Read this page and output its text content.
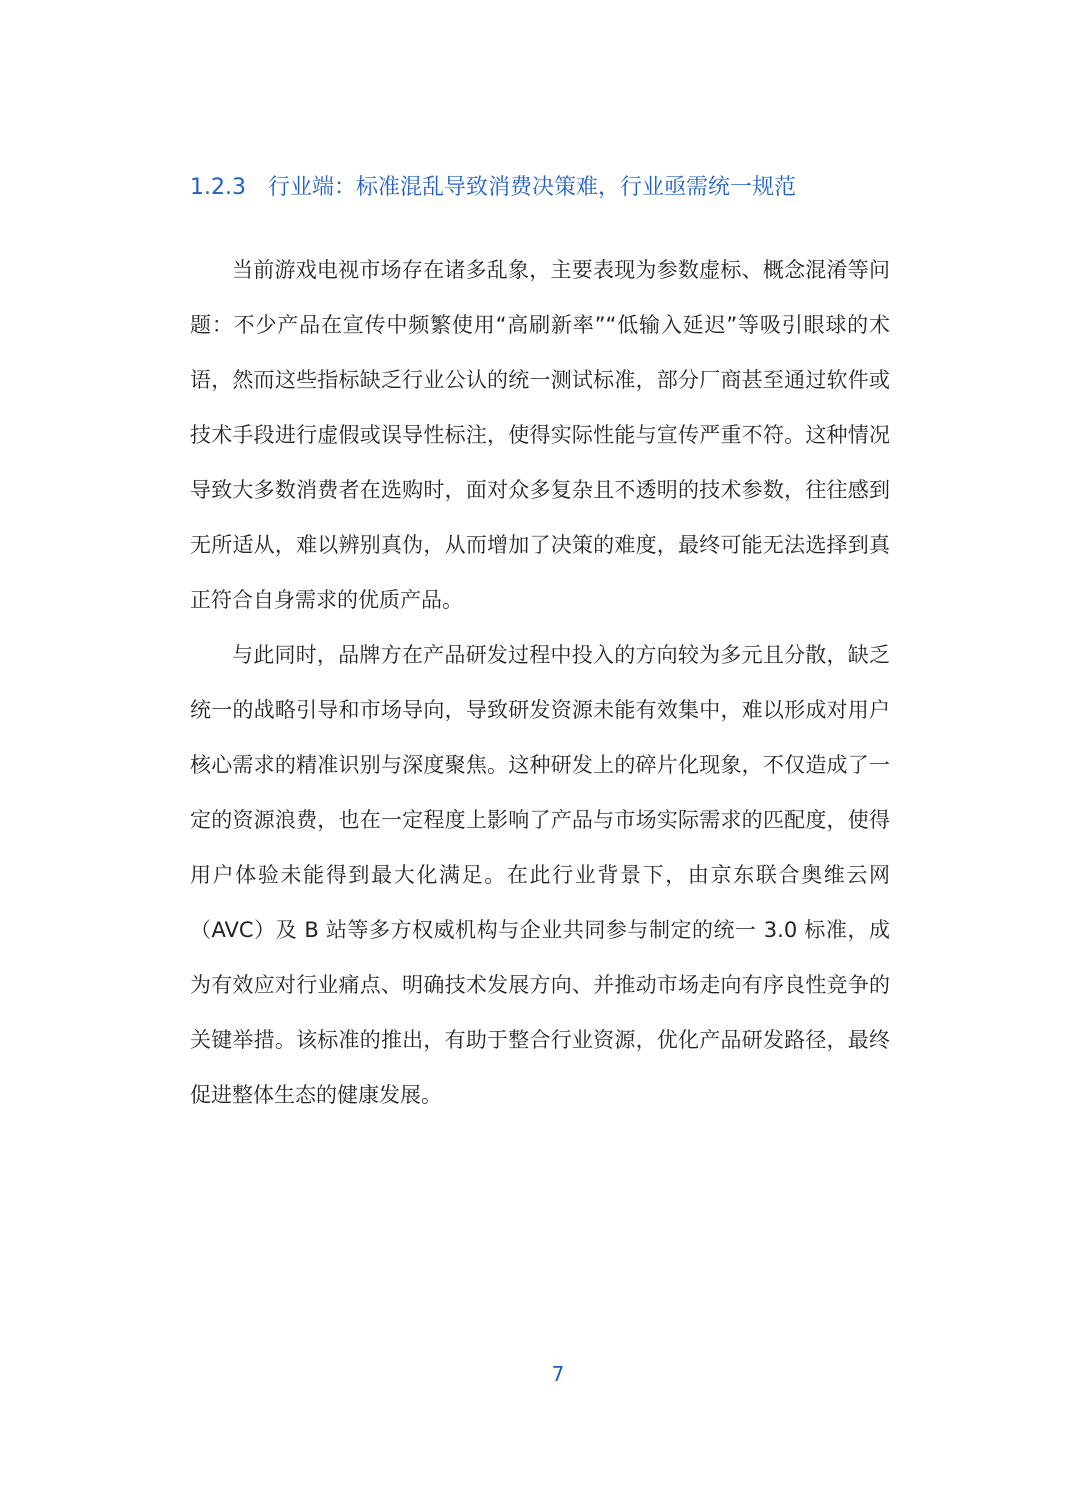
1.2.3 行业端：标准混乱导致消费决策难，行业亟需统一规范

当前游戏电视市场存在诸多乱象，主要表现为参数虚标、概念混淆等问题：不少产品在宣传中频繁使用“高刷新率”“低输入延迟”等吸引眼球的术语，然而这些指标缺乏行业公认的统一测试标准，部分厂商甚至通过软件或技术手段进行虚假或误导性标注，使得实际性能与宣传严重不符。这种情况导致大多数消费者在选购时，面对众多复杂且不透明的技术参数，往往感到无所适从，难以辨别真伪，从而增加了决策的难度，最终可能无法选择到真正符合自身需求的优质产品。

与此同时，品牌方在产品研发过程中投入的方向较为多元且分散，缺乏统一的战略引导和市场导向，导致研发资源未能有效集中，难以形成对用户核心需求的精准识别与深度聚焦。这种研发上的碎片化现象，不仅造成了一定的资源浪费，也在一定程度上影响了产品与市场实际需求的匹配度，使得用户体验未能得到最大化满足。在此行业背景下，由京东联合奥维云网（AVC）及 B 站等多方权威机构与企业共同参与制定的统一 3.0 标准，成为有效应对行业痛点、明确技术发展方向、并推动市场走向有序良性竞争的关键举措。该标准的推出，有助于整合行业资源，优化产品研发路径，最终促进整体生态的健康发展。

7
